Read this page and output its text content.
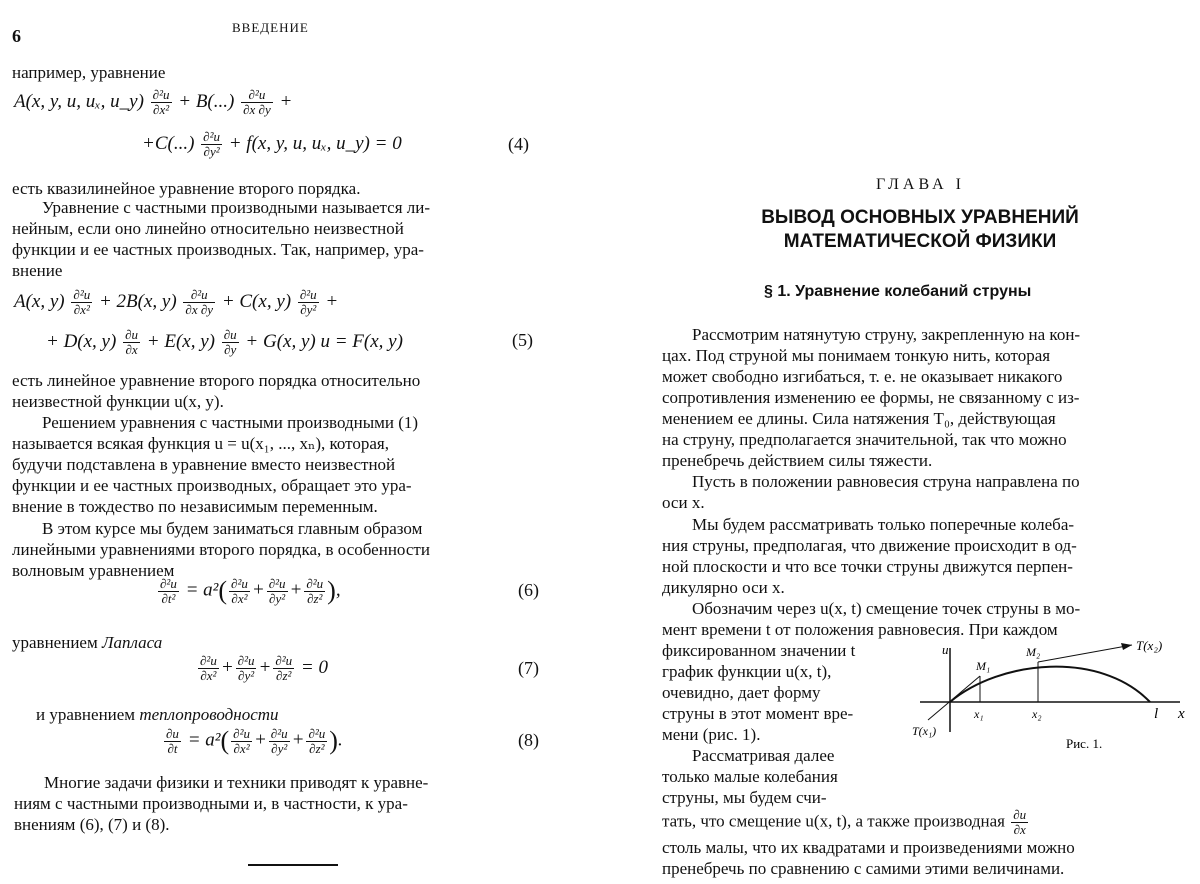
6	ВВЕДЕНИЕ
например, уравнение
A(x, y, u, uₓ, u_y) $\frac{\text{∂²u}}{\text{∂x²}} + B(...) \frac{\text{∂²u}}{\partial x \partial y}$ +
$+C(...) \frac{\text{∂²u}}{\text{∂y²}} + f(x$, y, u, uₓ, u_y) = 0	(4)
есть квазилинейное уравнение второго порядка.
Уравнение с частными производными называется ли-
нейным, если оно линейно относительно неизвестной
функции и ее частных производных. Так, например, ура-
внение
A(x, $y) \frac{\text{∂²u}}{\text{∂x²}} + 2B(x$, $y) \frac{\text{∂²u}}{\partial x \partial y} + C(x$, $y) \frac{\text{∂²u}}{\text{∂y²}}$ +
+ D(x, $y) \frac{\partial u}{\partial x} + E(x$, $y) \frac{\partial u}{\partial y} + G(x$, y) u = F(x, y)	(5)
есть линейное уравнение второго порядка относительно
неизвестной функции u(x, y).
Решением уравнения с частными производными (1)
называется всякая функция u = u(x₁, ..., xₙ), которая,
будучи подставлена в уравнение вместо неизвестной
функции и ее частных производных, обращает это ура-
внение в тождество по независимым переменным.
В этом курсе мы будем заниматься главным образом
линейными уравнениями второго порядка, в особенности
волновым уравнением
$\frac{\text{∂²u}}{\text{∂t²}} = a^2( \frac{\text{∂²u}}{\text{∂x²}} + \frac{\text{∂²u}}{\text{∂y²}} + \frac{\text{∂²u}}{\text{∂z²}}$ ),	(6)
уравнением Лапласа
$\frac{\text{∂²u}}{\text{∂x²}} + \frac{\text{∂²u}}{\text{∂y²}} + \frac{\text{∂²u}}{\text{∂z²}} = 0$	(7)
и уравнением теплопроводности
$\frac{\partial u}{\partial t} = a^2( \frac{\text{∂²u}}{\text{∂x²}} + \frac{\text{∂²u}}{\text{∂y²}} + \frac{\text{∂²u}}{\text{∂z²}}$ ).	(8)
Многие задачи физики и техники приводят к уравне-
ниям с частными производными и, в частности, к ура-
внениям (6), (7) и (8).
ГЛАВА I
ВЫВОД ОСНОВНЫХ УРАВНЕНИЙ
МАТЕМАТИЧЕСКОЙ ФИЗИКИ
§ 1. Уравнение колебаний струны
Рассмотрим натянутую струну, закрепленную на кон-
цах. Под струной мы понимаем тонкую нить, которая
может свободно изгибаться, т. е. не оказывает никакого
сопротивления изменению ее формы, не связанному с из-
менением ее длины. Сила натяжения T₀, действующая
на струну, предполагается значительной, так что можно
пренебречь действием силы тяжести.
Пусть в положении равновесия струна направлена по
оси x.
Мы будем рассматривать только поперечные колеба-
ния струны, предполагая, что движение происходит в од-
ной плоскости и что все точки струны движутся перпен-
дикулярно оси x.
Обозначим через u(x, t) смещение точек струны в мо-
мент времени t от положения равновесия. При каждом
фиксированном значении t
график функции u(x, t),
очевидно, дает форму
струны в этот момент вре-
мени (рис. 1).
Рассматривая далее
только малые колебания
струны, мы будем счи-
u
x
l
x₁	x₂
M₁
M₂	T(x₂)
T(x₁)
Рис. 1.
тать, что смещение u(x, t), а также производная $\frac{\partial u}{\partial x}$
столь малы, что их квадратами и произведениями можно
пренебречь по сравнению с самими этими величинами.
